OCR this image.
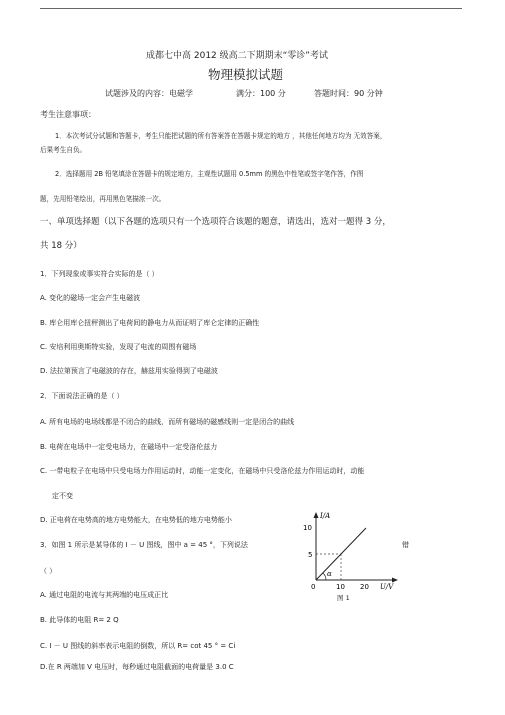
成都七中高 2012 级高二下期期末“零诊”考试
物理模拟试题
试题涉及的内容：电磁学	满分：100 分	答题时间：90 分钟
考生注意事项：
1．本次考试分试题和答题卡，考生只能把试题的所有答案答在答题卡规定的地方 ，其他任何地方均为 无效答案，
后果考生自负。
2．选择题用 2B 铅笔填涂在答题卡的规定地方，主观性试题用 0.5mm 的黑色中性笔或签字笔作答，作图
题，先用铅笔绘出，再用黑色笔描浓一次。
一、单项选择题（以下各题的选项只有一个选项符合该题的题意，请选出，选对一题得 3 分，
共 18 分）
1．下列现象或事实符合实际的是（ ）
A. 变化的磁场一定会产生电磁波
B. 库仑用库仑扭秤测出了电荷间的静电力从而证明了库仑定律的正确性
C. 安培利用奥斯特实验，发现了电流的周围有磁场
D. 法拉第预言了电磁波的存在，赫兹用实验得到了电磁波
2．下面说法正确的是（ ）
A. 所有电场的电场线都是不闭合的曲线，而所有磁场的磁感线则一定是闭合的曲线
B. 电荷在电场中一定受电场力，在磁场中一定受洛伦兹力
C. 一带电粒子在电场中只受电场力作用运动时，动能一定变化，在磁场中只受洛伦兹力作用运动时，动能
定不变
D. 正电荷在电势高的地方电势能大，在电势低的地方电势能小
3．如图 1 所示是某导体的 I － U 图线，图中 a = 45 °，下列说法	错
（ ）
A. 通过电阻的电流与其两端的电压成正比
B. 此导体的电阻 R= 2 Q
C. I － U 图线的斜率表示电阻的倒数，所以 R= cot 45 ° = Ci
D.在 R 两端加 V 电压时，每秒通过电阻截面的电荷量是 3.0 C
I/A
10
5
0	10 20 U/V
α
图 1
